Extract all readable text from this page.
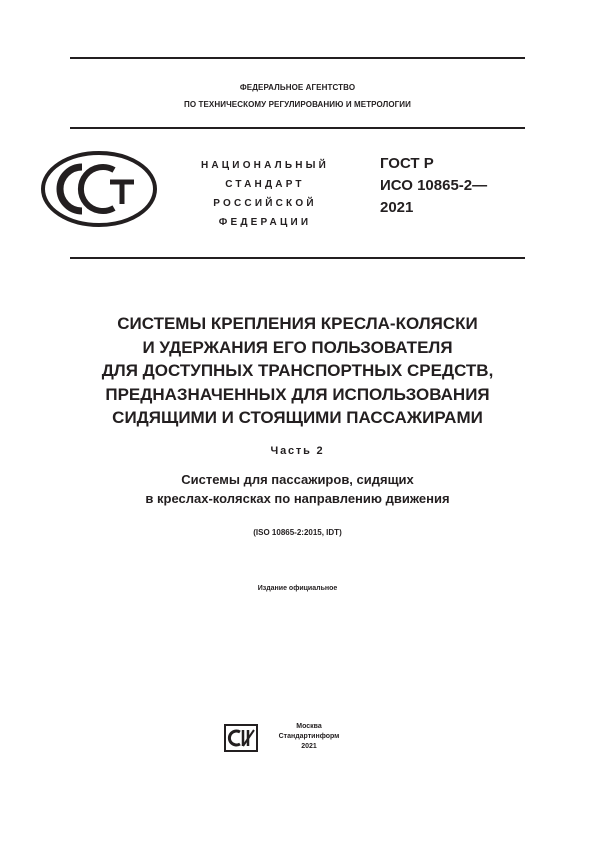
ФЕДЕРАЛЬНОЕ АГЕНТСТВО
ПО ТЕХНИЧЕСКОМУ РЕГУЛИРОВАНИЮ И МЕТРОЛОГИИ
НАЦИОНАЛЬНЫЙ
СТАНДАРТ
РОССИЙСКОЙ
ФЕДЕРАЦИИ
ГОСТ Р
ИСО 10865-2—
2021
СИСТЕМЫ КРЕПЛЕНИЯ КРЕСЛА-КОЛЯСКИ
И УДЕРЖАНИЯ ЕГО ПОЛЬЗОВАТЕЛЯ
ДЛЯ ДОСТУПНЫХ ТРАНСПОРТНЫХ СРЕДСТВ,
ПРЕДНАЗНАЧЕННЫХ ДЛЯ ИСПОЛЬЗОВАНИЯ
СИДЯЩИМИ И СТОЯЩИМИ ПАССАЖИРАМИ
Часть 2
Системы для пассажиров, сидящих
в креслах-колясках по направлению движения
(ISO 10865-2:2015, IDT)
Издание официальное
Москва
Стандартинформ
2021
